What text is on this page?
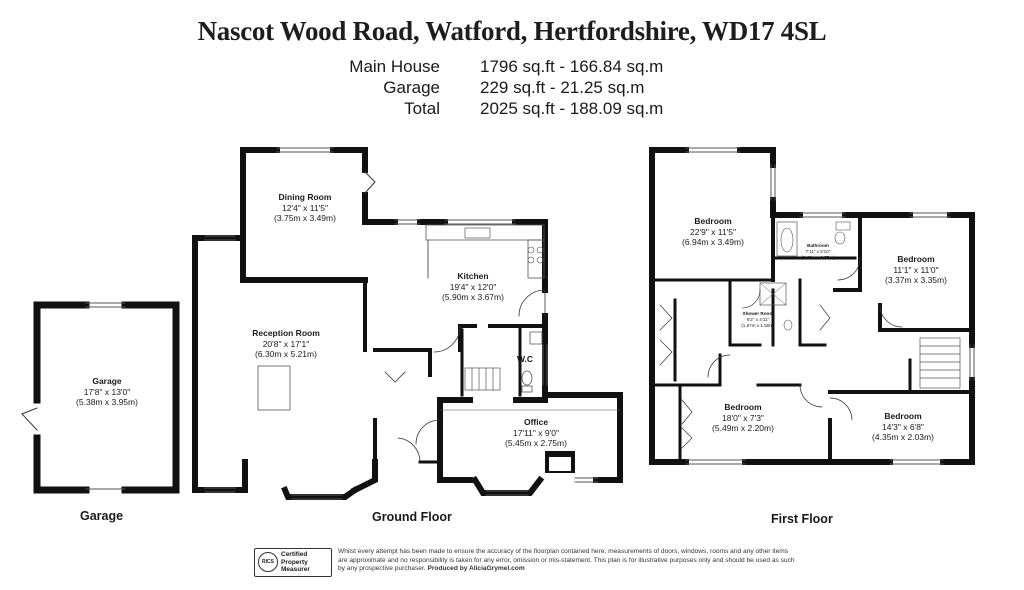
Nascot Wood Road, Watford, Hertfordshire, WD17 4SL
Main House 1796 sq.ft - 166.84 sq.m
Garage 229 sq.ft - 21.25 sq.m
Total 2025 sq.ft - 188.09 sq.m
Garage
17'8" x 13'0"
(5.38m x 3.95m)
Dining Room
12'4" x 11'5"
(3.75m x 3.49m)
Kitchen
19'4" x 12'0"
(5.90m x 3.67m)
Reception Room
20'8" x 17'1"
(6.30m x 5.21m)	W.C
Office
17'11" x 9'0"
(5.45m x 2.75m)
Bedroom
22'9" x 11'5"
(6.94m x 3.49m)	Bathroom
7'11" x 5'10"
(2.42m x 1.77m)	Bedroom
11'1" x 11'0"
(3.37m x 3.35m)
Shower Room
6'2" x 4'11"
(1.87m x 1.50m)
Bedroom
18'0" x 7'3"
(5.49m x 2.20m)
Bedroom
14'3" x 6'8"
(4.35m x 2.03m)
Garage	Ground Floor	First Floor
RICS
Certified
Property
Measurer
Whilst every attempt has been made to ensure the accuracy of the floorplan contained here, measurements of doors, windows, rooms and any other items are approximate and no responsibility is taken for any error, omission or mis-statement. This plan is for illustrative purposes only and should be used as such by any prospective purchaser. Produced by AliciaGrymel.com
